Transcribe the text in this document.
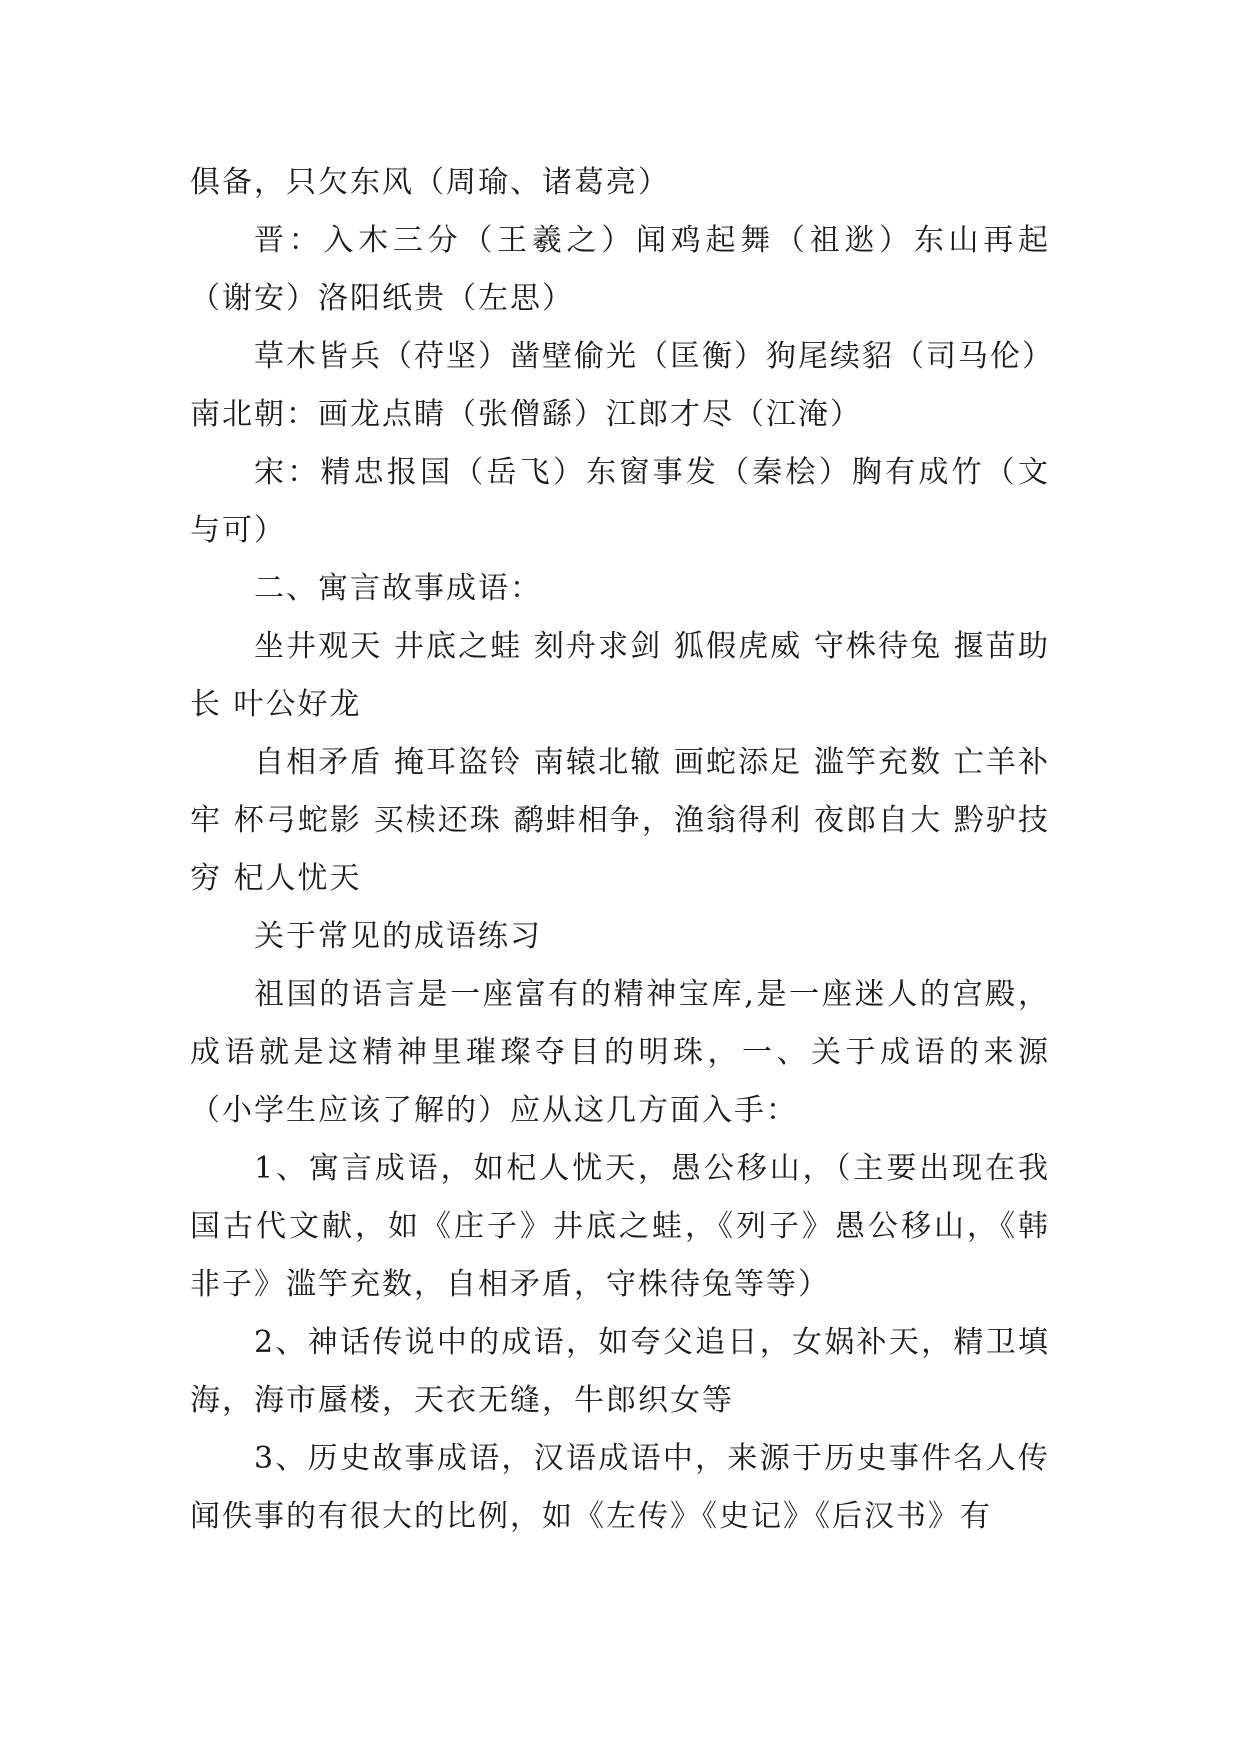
俱备，只欠东风（周瑜、诸葛亮）

晋：入木三分（王羲之）闻鸡起舞（祖逖）东山再起（谢安）洛阳纸贵（左思）

草木皆兵（苻坚）凿壁偷光（匡衡）狗尾续貂（司马伦）

南北朝：画龙点睛（张僧繇）江郎才尽（江淹）

宋：精忠报国（岳飞）东窗事发（秦桧）胸有成竹（文与可）

二、寓言故事成语：

坐井观天 井底之蛙 刻舟求剑 狐假虎威 守株待兔 揠苗助长 叶公好龙

自相矛盾 掩耳盗铃 南辕北辙 画蛇添足 滥竽充数 亡羊补牢 杯弓蛇影 买椟还珠 鹬蚌相争，渔翁得利 夜郎自大 黔驴技穷 杞人忧天

关于常见的成语练习

祖国的语言是一座富有的精神宝库,是一座迷人的宫殿，成语就是这精神里璀璨夺目的明珠，一、关于成语的来源（小学生应该了解的）应从这几方面入手：

1、寓言成语，如杞人忧天，愚公移山，（主要出现在我国古代文献，如《庄子》井底之蛙，《列子》愚公移山，《韩非子》滥竽充数，自相矛盾，守株待兔等等）

2、神话传说中的成语，如夸父追日，女娲补天，精卫填海，海市蜃楼，天衣无缝，牛郎织女等

3、历史故事成语，汉语成语中，来源于历史事件名人传闻佚事的有很大的比例，如《左传》《史记》《后汉书》有
